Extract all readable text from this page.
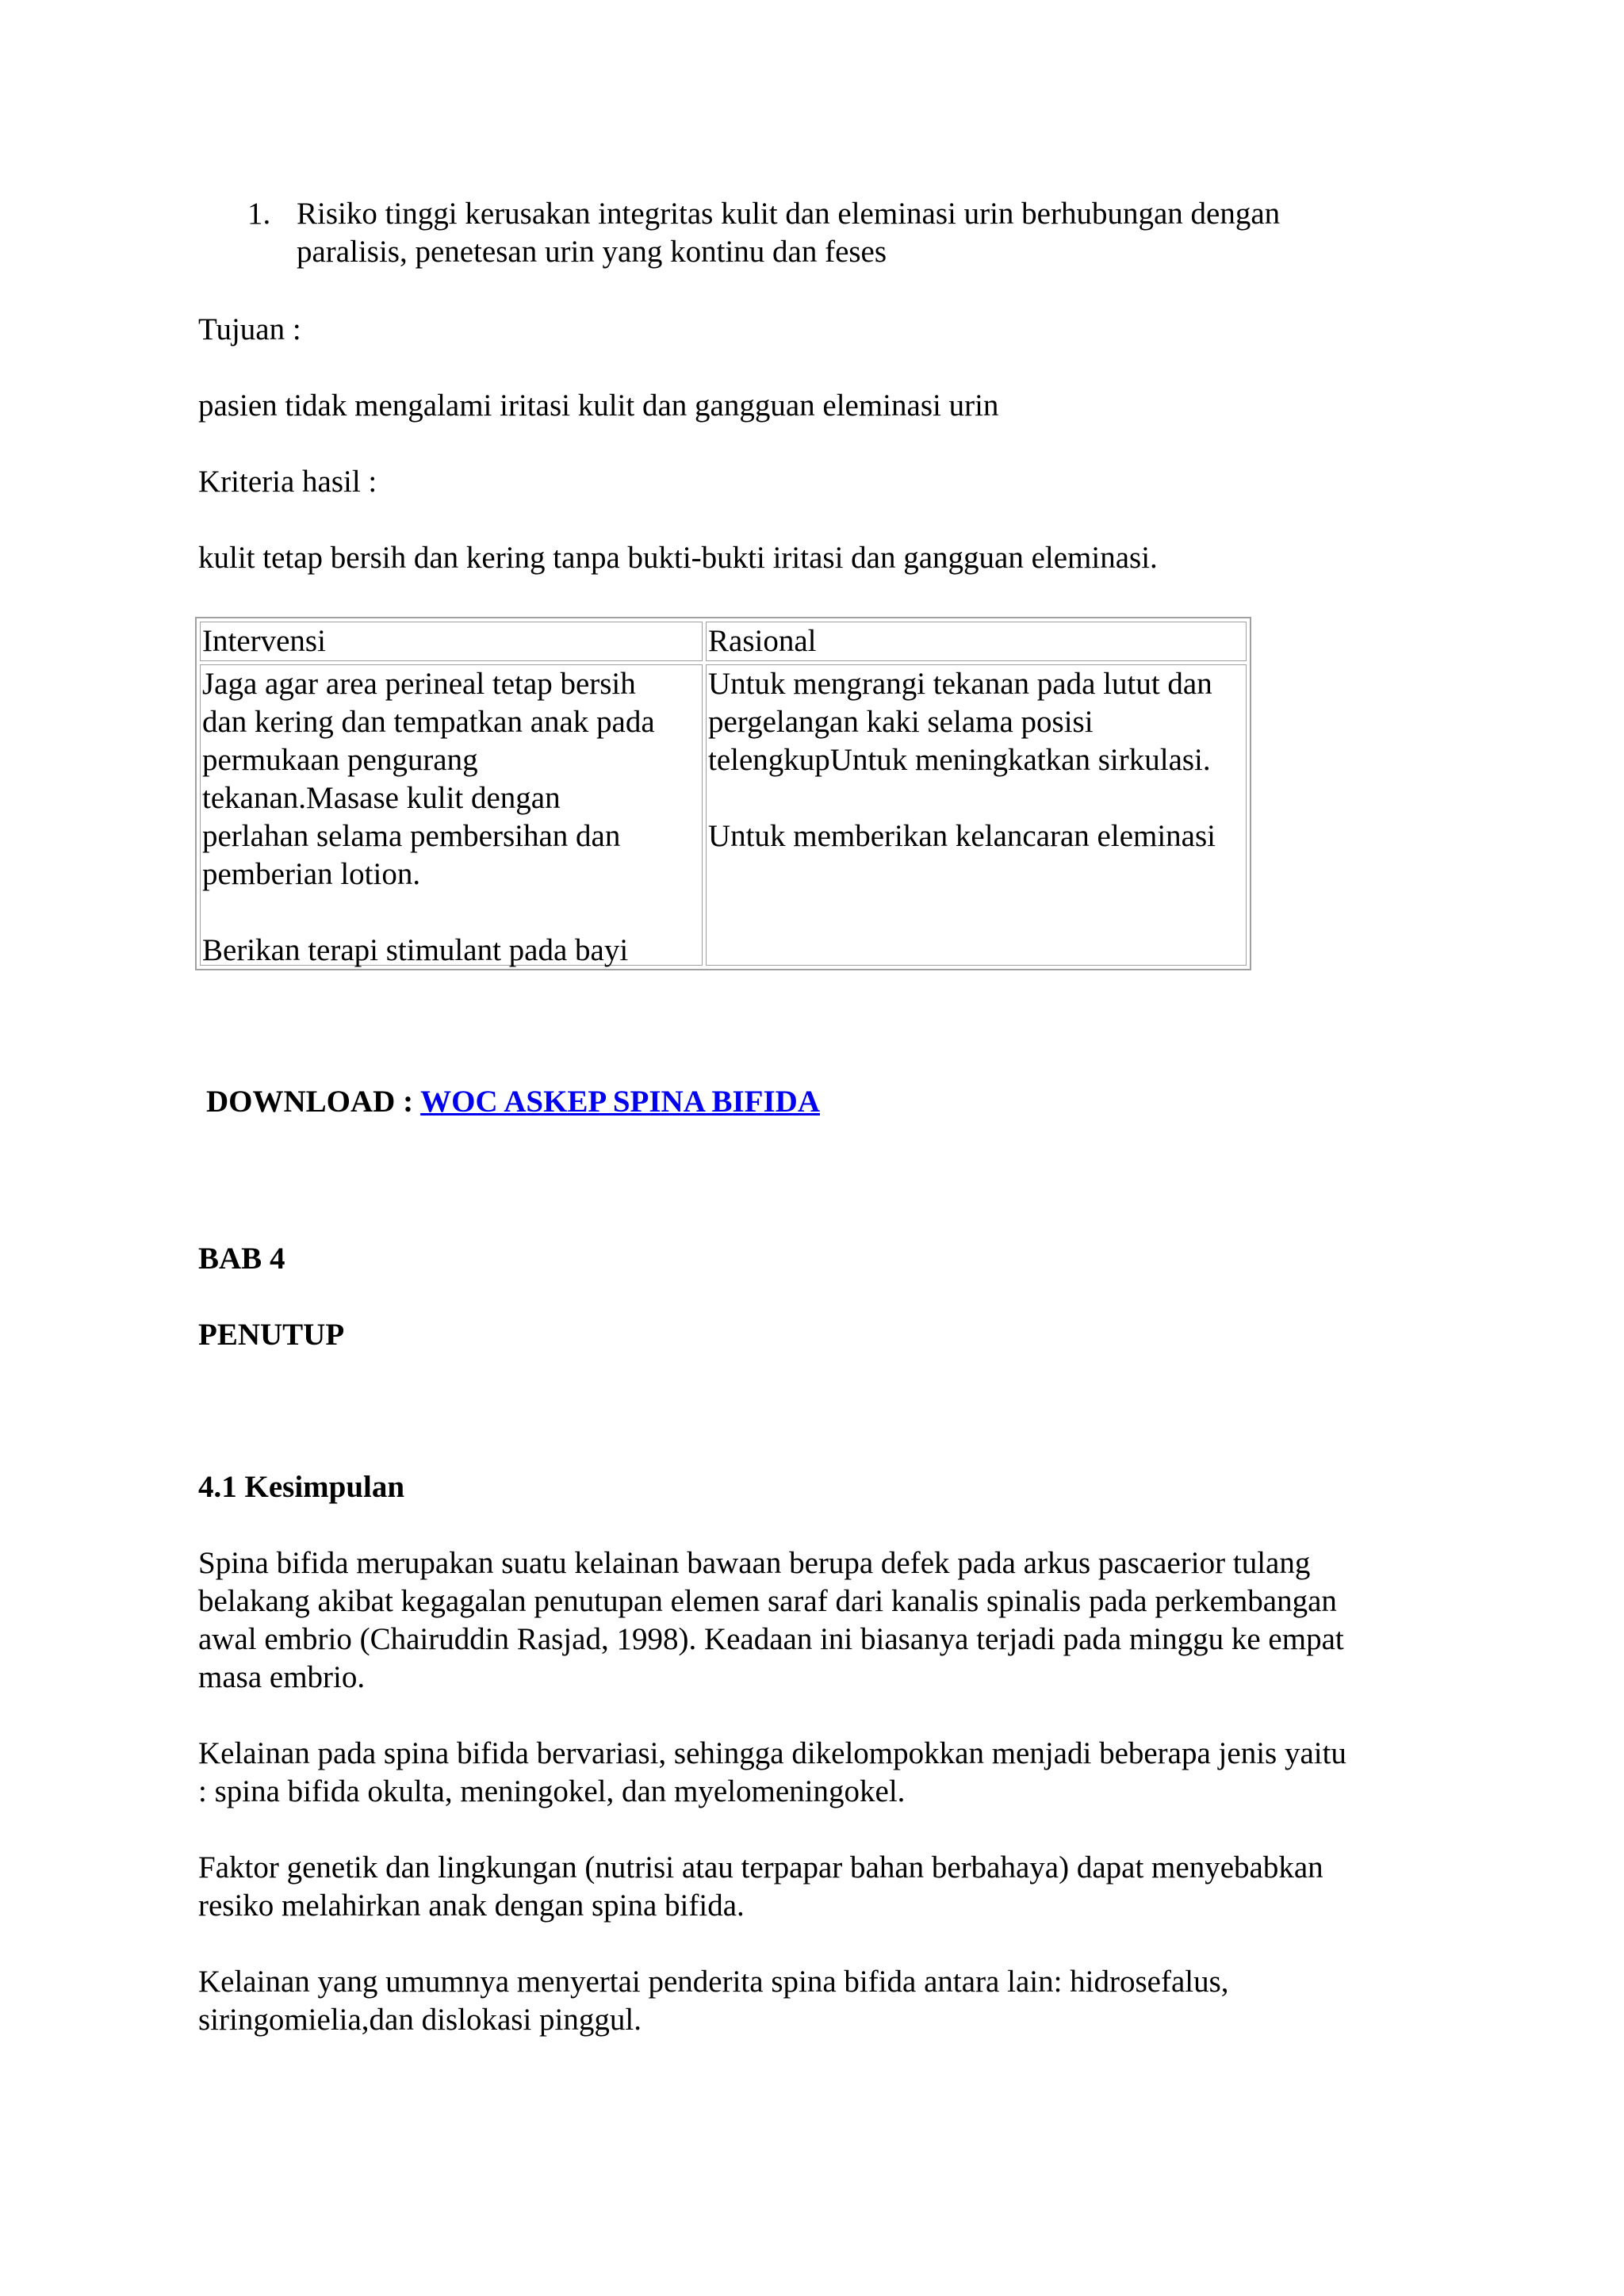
1. Risiko tinggi kerusakan integritas kulit dan eleminasi urin berhubungan dengan
paralisis, penetesan urin yang kontinu dan feses

Tujuan :

pasien tidak mengalami iritasi kulit dan gangguan eleminasi urin

Kriteria hasil :

kulit tetap bersih dan kering tanpa bukti-bukti iritasi dan gangguan eleminasi.

Intervensi	Rasional
Jaga agar area perineal tetap bersih
dan kering dan tempatkan anak pada
permukaan pengurang
tekanan.Masase kulit dengan
perlahan selama pembersihan dan
pemberian lotion.
Berikan terapi stimulant pada bayi
Untuk mengrangi tekanan pada lutut dan
pergelangan kaki selama posisi
telengkupUntuk meningkatkan sirkulasi.
Untuk memberikan kelancaran eleminasi

DOWNLOAD : WOC ASKEP SPINA BIFIDA

BAB 4

PENUTUP

4.1 Kesimpulan

Spina bifida merupakan suatu kelainan bawaan berupa defek pada arkus pascaerior tulang
belakang akibat kegagalan penutupan elemen saraf dari kanalis spinalis pada perkembangan
awal embrio (Chairuddin Rasjad, 1998). Keadaan ini biasanya terjadi pada minggu ke empat
masa embrio.
Kelainan pada spina bifida bervariasi, sehingga dikelompokkan menjadi beberapa jenis yaitu
: spina bifida okulta, meningokel, dan myelomeningokel.
Faktor genetik dan lingkungan (nutrisi atau terpapar bahan berbahaya) dapat menyebabkan
resiko melahirkan anak dengan spina bifida.
Kelainan yang umumnya menyertai penderita spina bifida antara lain: hidrosefalus,
siringomielia,dan dislokasi pinggul.
